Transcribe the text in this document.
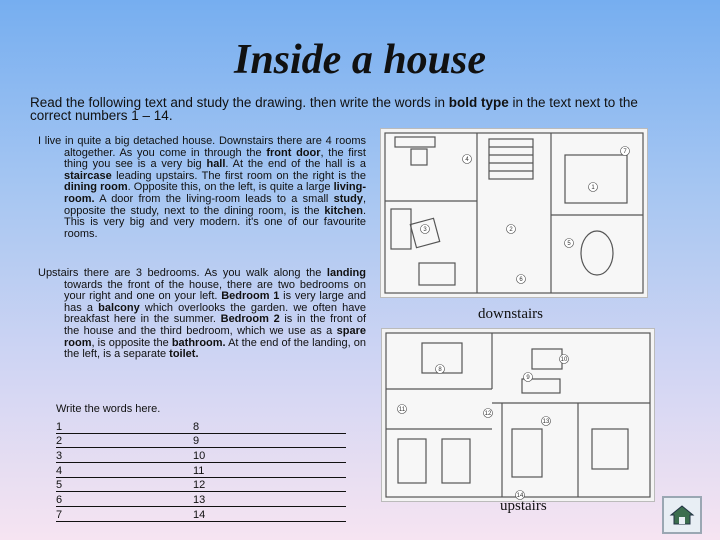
Inside a house
Read the following text and study the drawing. then write the words in bold type in the text next to the correct numbers 1 – 14.
I live in quite a big detached house. Downstairs there are 4 rooms altogether. As you come in through the front door, the first thing you see is a very big hall. At the end of the hall is a staircase leading upstairs. The first room on the right is the dining room. Opposite this, on the left, is quite a large living-room. A door from the living-room leads to a small study, opposite the study, next to the dining room, is the kitchen. This is very big and very modern. it's one of our favourite rooms.
Upstairs there are 3 bedrooms. As you walk along the landing towards the front of the house, there are two bedrooms on your right and one on your left. Bedroom 1 is very large and has a balcony which overlooks the garden. we often have breakfast here in the summer. Bedroom 2 is in the front of the house and the third bedroom, which we use as a spare room, is opposite the bathroom. At the end of the landing, on the left, is a separate toilet.
Write the words here.
1	8
2	9
3	10
4	11
5	12
6	13
7	14
1
2
3
4
5
6
7
downstairs
8
9
10
11
12
13
14
upstairs
